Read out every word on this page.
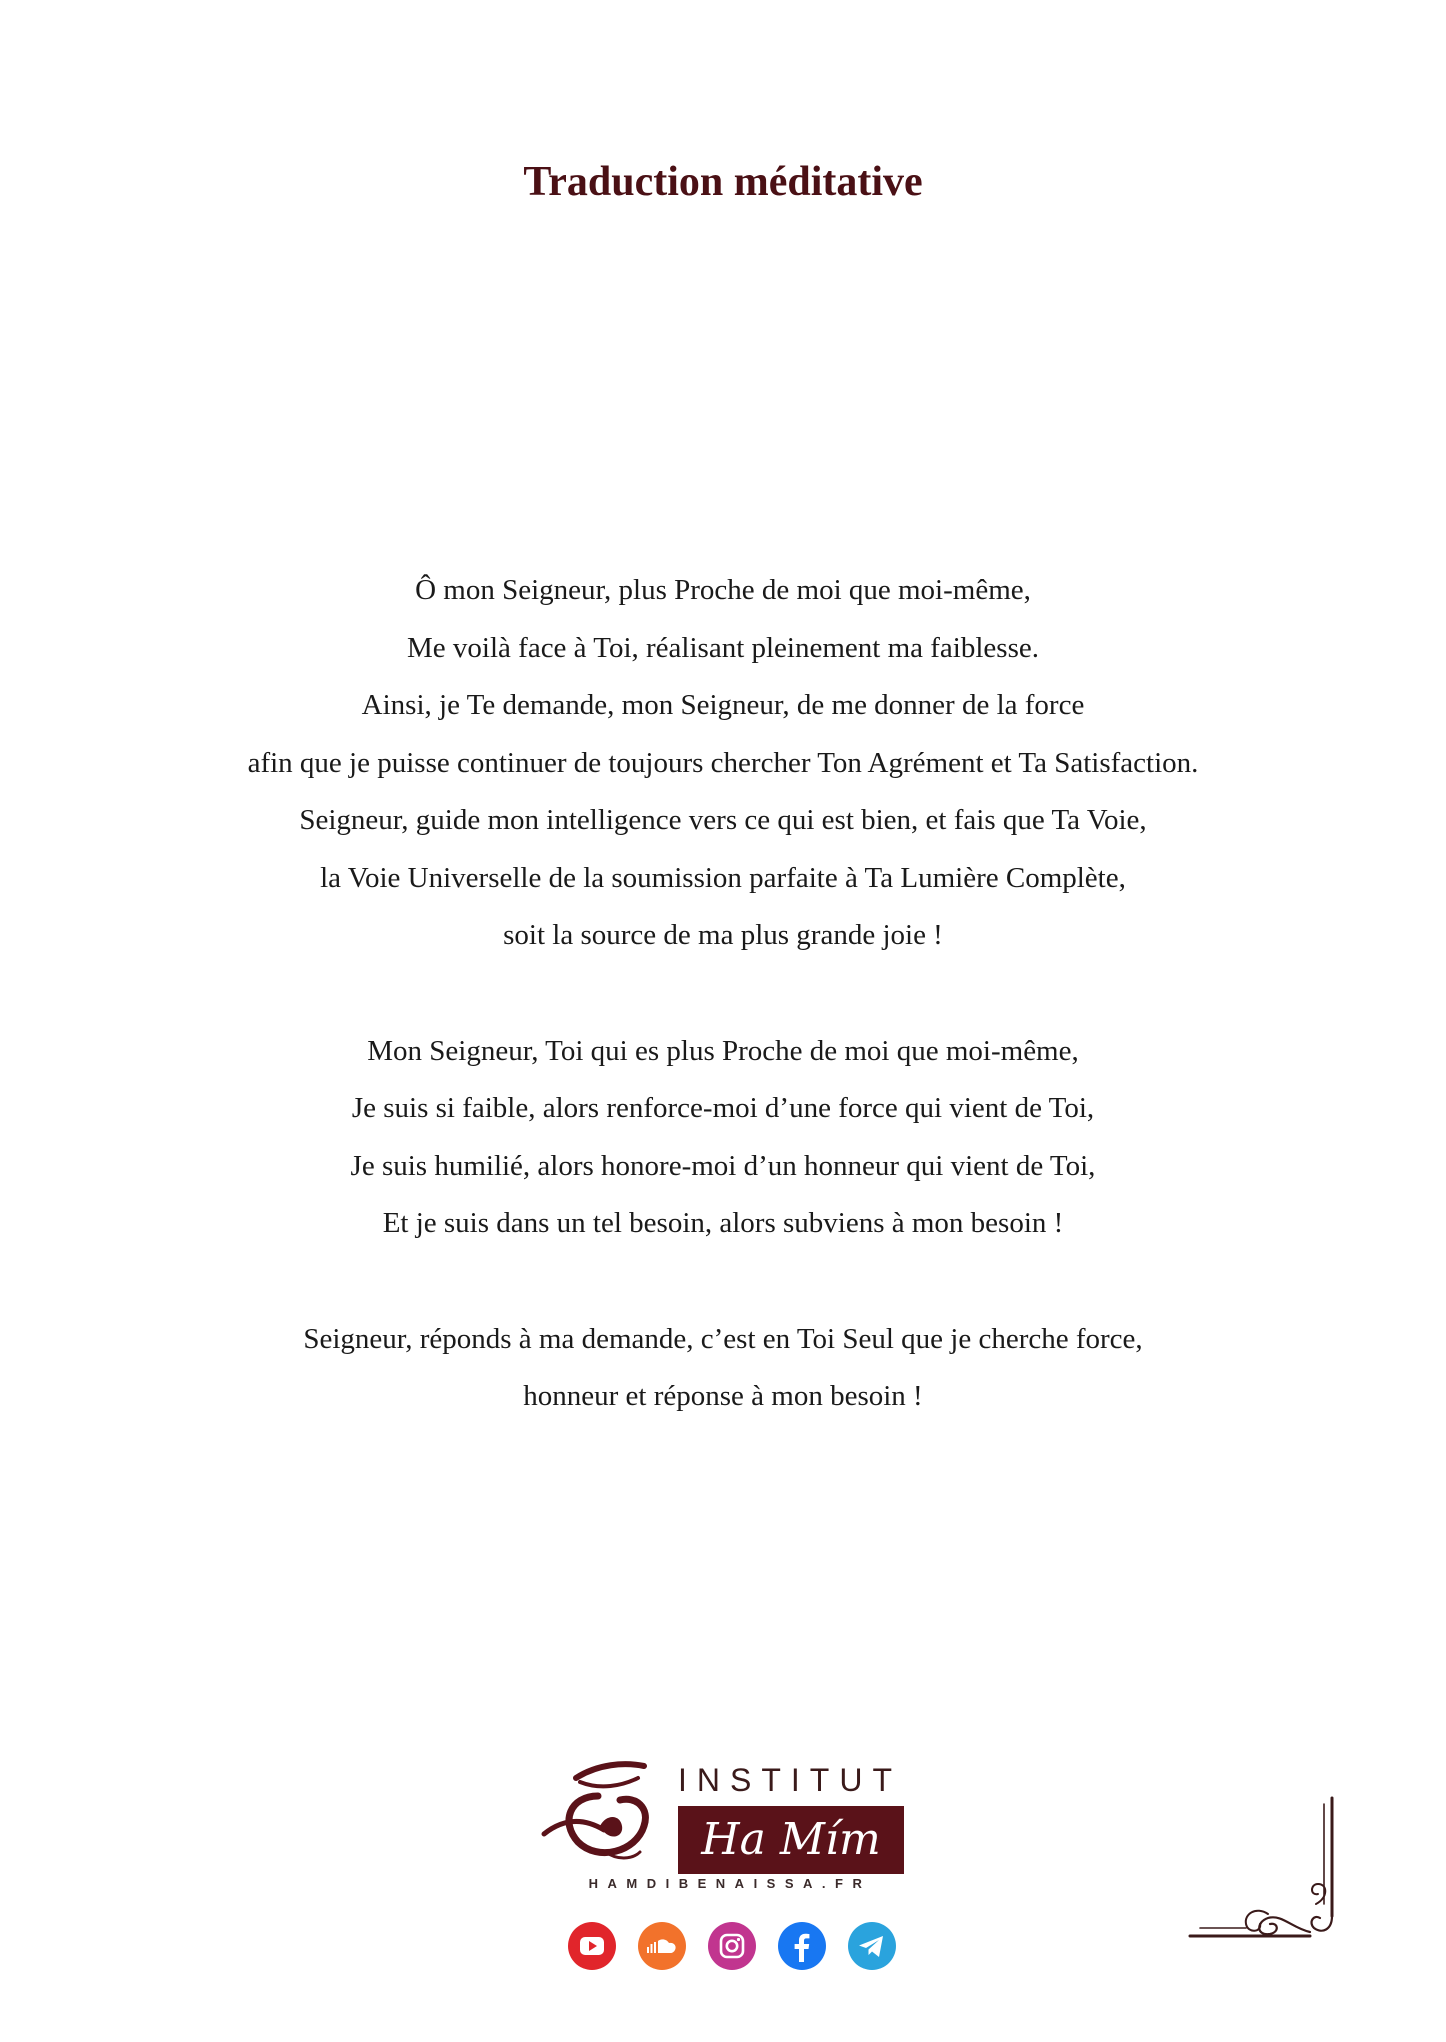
Traduction méditative
Ô mon Seigneur, plus Proche de moi que moi-même,
Me voilà face à Toi, réalisant pleinement ma faiblesse.
Ainsi, je Te demande, mon Seigneur, de me donner de la force
afin que je puisse continuer de toujours chercher Ton Agrément et Ta Satisfaction.
Seigneur, guide mon intelligence vers ce qui est bien, et fais que Ta Voie,
la Voie Universelle de la soumission parfaite à Ta Lumière Complète,
soit la source de ma plus grande joie !
Mon Seigneur, Toi qui es plus Proche de moi que moi-même,
Je suis si faible, alors renforce-moi d’une force qui vient de Toi,
Je suis humilié, alors honore-moi d’un honneur qui vient de Toi,
Et je suis dans un tel besoin, alors subviens à mon besoin !
Seigneur, réponds à ma demande, c’est en Toi Seul que je cherche force,
honneur et réponse à mon besoin !
INSTITUT
Ha Mím
HAMDIBENAISSA.FR
